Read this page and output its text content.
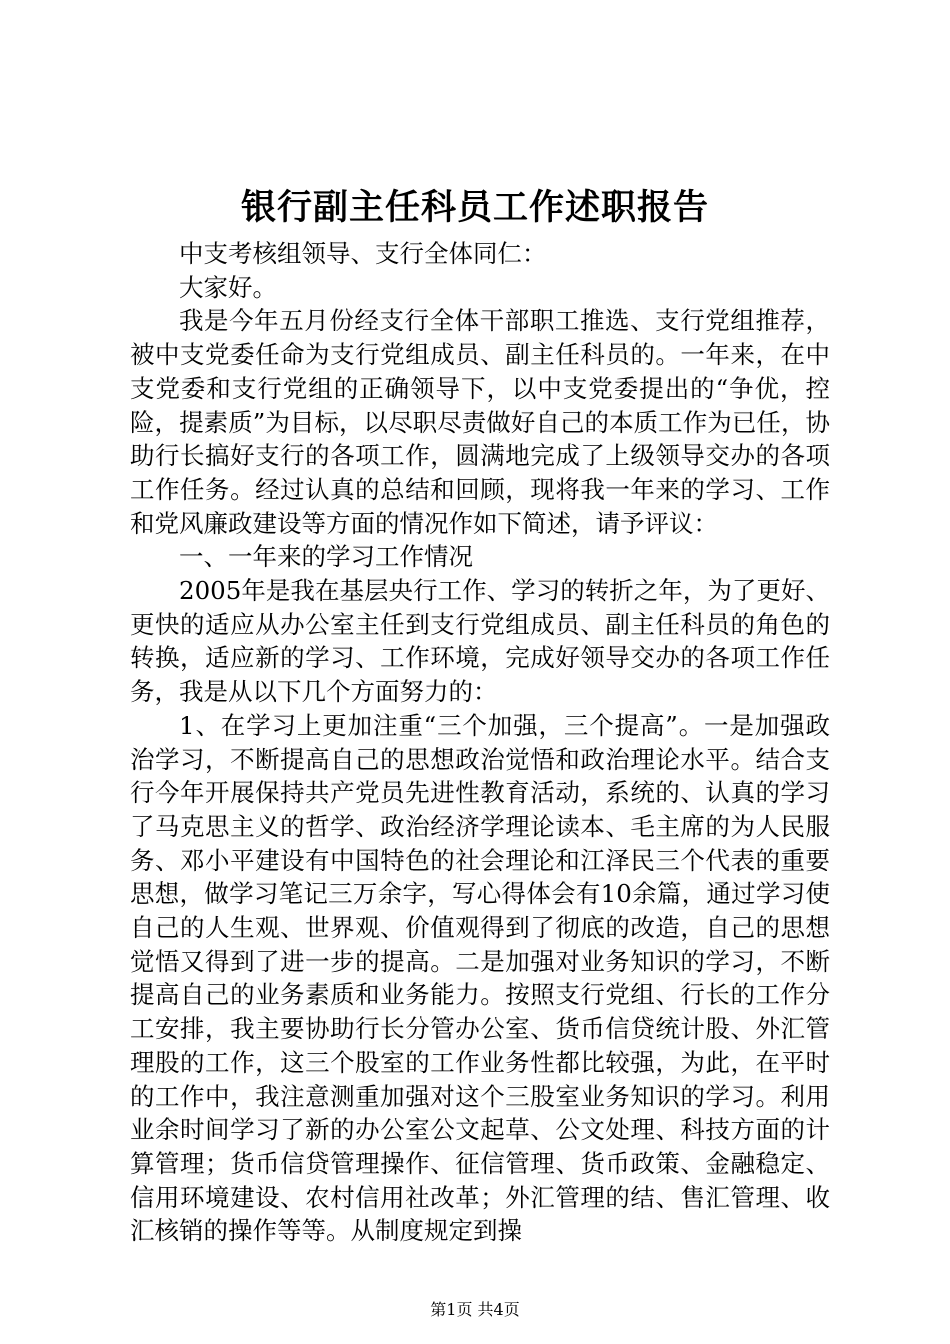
银行副主任科员工作述职报告

中支考核组领导、支行全体同仁：

大家好。

我是今年五月份经支行全体干部职工推选、支行党组推荐，被中支党委任命为支行党组成员、副主任科员的。一年来，在中支党委和支行党组的正确领导下，以中支党委提出的“争优，控险，提素质”为目标，以尽职尽责做好自己的本质工作为已任，协助行长搞好支行的各项工作，圆满地完成了上级领导交办的各项工作任务。经过认真的总结和回顾，现将我一年来的学习、工作和党风廉政建设等方面的情况作如下简述，请予评议：

一、一年来的学习工作情况

2005年是我在基层央行工作、学习的转折之年，为了更好、更快的适应从办公室主任到支行党组成员、副主任科员的角色的转换，适应新的学习、工作环境，完成好领导交办的各项工作任务，我是从以下几个方面努力的：

1、在学习上更加注重“三个加强，三个提高”。一是加强政治学习，不断提高自己的思想政治觉悟和政治理论水平。结合支行今年开展保持共产党员先进性教育活动，系统的、认真的学习了马克思主义的哲学、政治经济学理论读本、毛主席的为人民服务、邓小平建设有中国特色的社会理论和江泽民三个代表的重要思想，做学习笔记三万余字，写心得体会有10余篇，通过学习使自己的人生观、世界观、价值观得到了彻底的改造，自己的思想觉悟又得到了进一步的提高。二是加强对业务知识的学习，不断提高自己的业务素质和业务能力。按照支行党组、行长的工作分工安排，我主要协助行长分管办公室、货币信贷统计股、外汇管理股的工作，这三个股室的工作业务性都比较强，为此，在平时的工作中，我注意测重加强对这个三股室业务知识的学习。利用业余时间学习了新的办公室公文起草、公文处理、科技方面的计算管理；货币信贷管理操作、征信管理、货币政策、金融稳定、信用环境建设、农村信用社改革；外汇管理的结、售汇管理、收汇核销的操作等等。从制度规定到操

第1页 共4页
